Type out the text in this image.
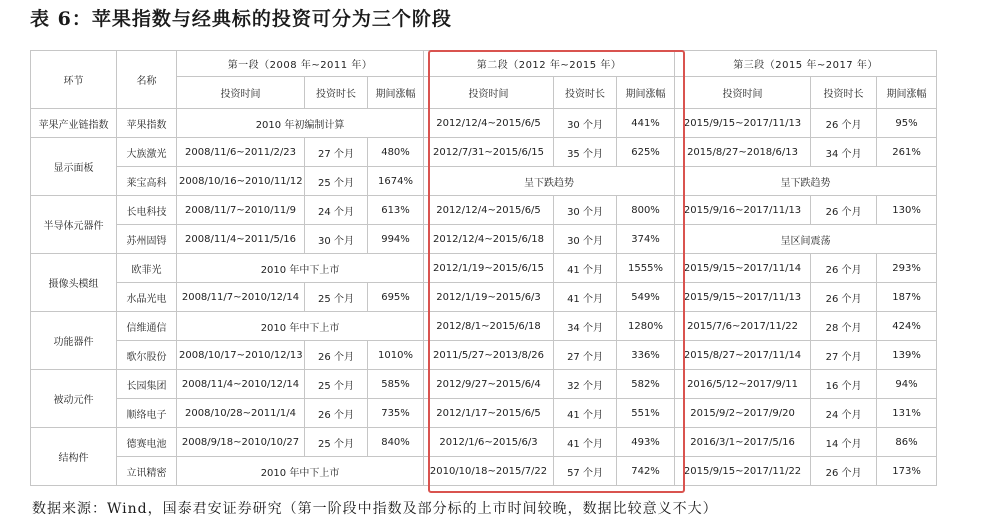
表 6：苹果指数与经典标的投资可分为三个阶段
环节	名称	第一段（2008 年~2011 年）			第二段（2012 年~2015 年）			第三段（2015 年~2017 年）		
		投资时间	投资时长	期间涨幅	投资时间	投资时长	期间涨幅	投资时间	投资时长	期间涨幅
苹果产业链指数	苹果指数	2010 年初编制计算			2012/12/4~2015/6/5	30 个月	441%	2015/9/15~2017/11/13	26 个月	95%
显示面板	大族激光	2008/11/6~2011/2/23	27 个月	480%	2012/7/31~2015/6/15	35 个月	625%	2015/8/27~2018/6/13	34 个月	261%
	莱宝高科	2008/10/16~2010/11/12	25 个月	1674%	呈下跌趋势			呈下跌趋势		
半导体元器件	长电科技	2008/11/7~2010/11/9	24 个月	613%	2012/12/4~2015/6/5	30 个月	800%	2015/9/16~2017/11/13	26 个月	130%
	苏州固锝	2008/11/4~2011/5/16	30 个月	994%	2012/12/4~2015/6/18	30 个月	374%	呈区间震荡		
摄像头模组	欧菲光	2010 年中下上市			2012/1/19~2015/6/15	41 个月	1555%	2015/9/15~2017/11/14	26 个月	293%
	水晶光电	2008/11/7~2010/12/14	25 个月	695%	2012/1/19~2015/6/3	41 个月	549%	2015/9/15~2017/11/13	26 个月	187%
功能器件	信维通信	2010 年中下上市			2012/8/1~2015/6/18	34 个月	1280%	2015/7/6~2017/11/22	28 个月	424%
	歌尔股份	2008/10/17~2010/12/13	26 个月	1010%	2011/5/27~2013/8/26	27 个月	336%	2015/8/27~2017/11/14	27 个月	139%
被动元件	长园集团	2008/11/4~2010/12/14	25 个月	585%	2012/9/27~2015/6/4	32 个月	582%	2016/5/12~2017/9/11	16 个月	94%
	顺络电子	2008/10/28~2011/1/4	26 个月	735%	2012/1/17~2015/6/5	41 个月	551%	2015/9/2~2017/9/20	24 个月	131%
结构件	德赛电池	2008/9/18~2010/10/27	25 个月	840%	2012/1/6~2015/6/3	41 个月	493%	2016/3/1~2017/5/16	14 个月	86%
	立讯精密	2010 年中下上市			2010/10/18~2015/7/22	57 个月	742%	2015/9/15~2017/11/22	26 个月	173%
数据来源：Wind，国泰君安证券研究（第一阶段中指数及部分标的上市时间较晚，数据比较意义不大）
